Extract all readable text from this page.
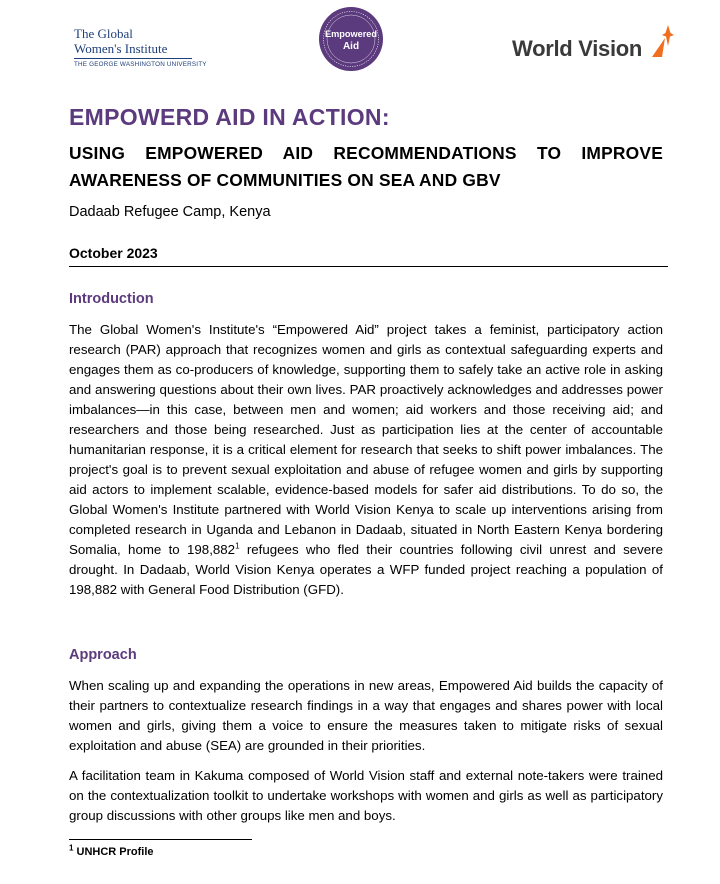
The Global
Women's Institute
THE GEORGE WASHINGTON UNIVERSITY
Empowered
Aid	World Vision
EMPOWERD AID IN ACTION:
USING EMPOWERED AID RECOMMENDATIONS TO IMPROVE AWARENESS OF COMMUNITIES ON SEA AND GBV
Dadaab Refugee Camp, Kenya
October 2023
Introduction
The Global Women's Institute's “Empowered Aid” project takes a feminist, participatory action research (PAR) approach that recognizes women and girls as contextual safeguarding experts and engages them as co-producers of knowledge, supporting them to safely take an active role in asking and answering questions about their own lives. PAR proactively acknowledges and addresses power imbalances—in this case, between men and women; aid workers and those receiving aid; and researchers and those being researched. Just as participation lies at the center of accountable humanitarian response, it is a critical element for research that seeks to shift power imbalances. The project's goal is to prevent sexual exploitation and abuse of refugee women and girls by supporting aid actors to implement scalable, evidence-based models for safer aid distributions. To do so, the Global Women's Institute partnered with World Vision Kenya to scale up interventions arising from completed research in Uganda and Lebanon in Dadaab, situated in North Eastern Kenya bordering Somalia, home to 198,882$^1$ refugees who fled their countries following civil unrest and severe drought. In Dadaab, World Vision Kenya operates a WFP funded project reaching a population of 198,882 with General Food Distribution (GFD).
Approach
When scaling up and expanding the operations in new areas, Empowered Aid builds the capacity of their partners to contextualize research findings in a way that engages and shares power with local women and girls, giving them a voice to ensure the measures taken to mitigate risks of sexual exploitation and abuse (SEA) are grounded in their priorities.
A facilitation team in Kakuma composed of World Vision staff and external note-takers were trained on the contextualization toolkit to undertake workshops with women and girls as well as participatory group discussions with other groups like men and boys.
$^1$ UNHCR Profile
